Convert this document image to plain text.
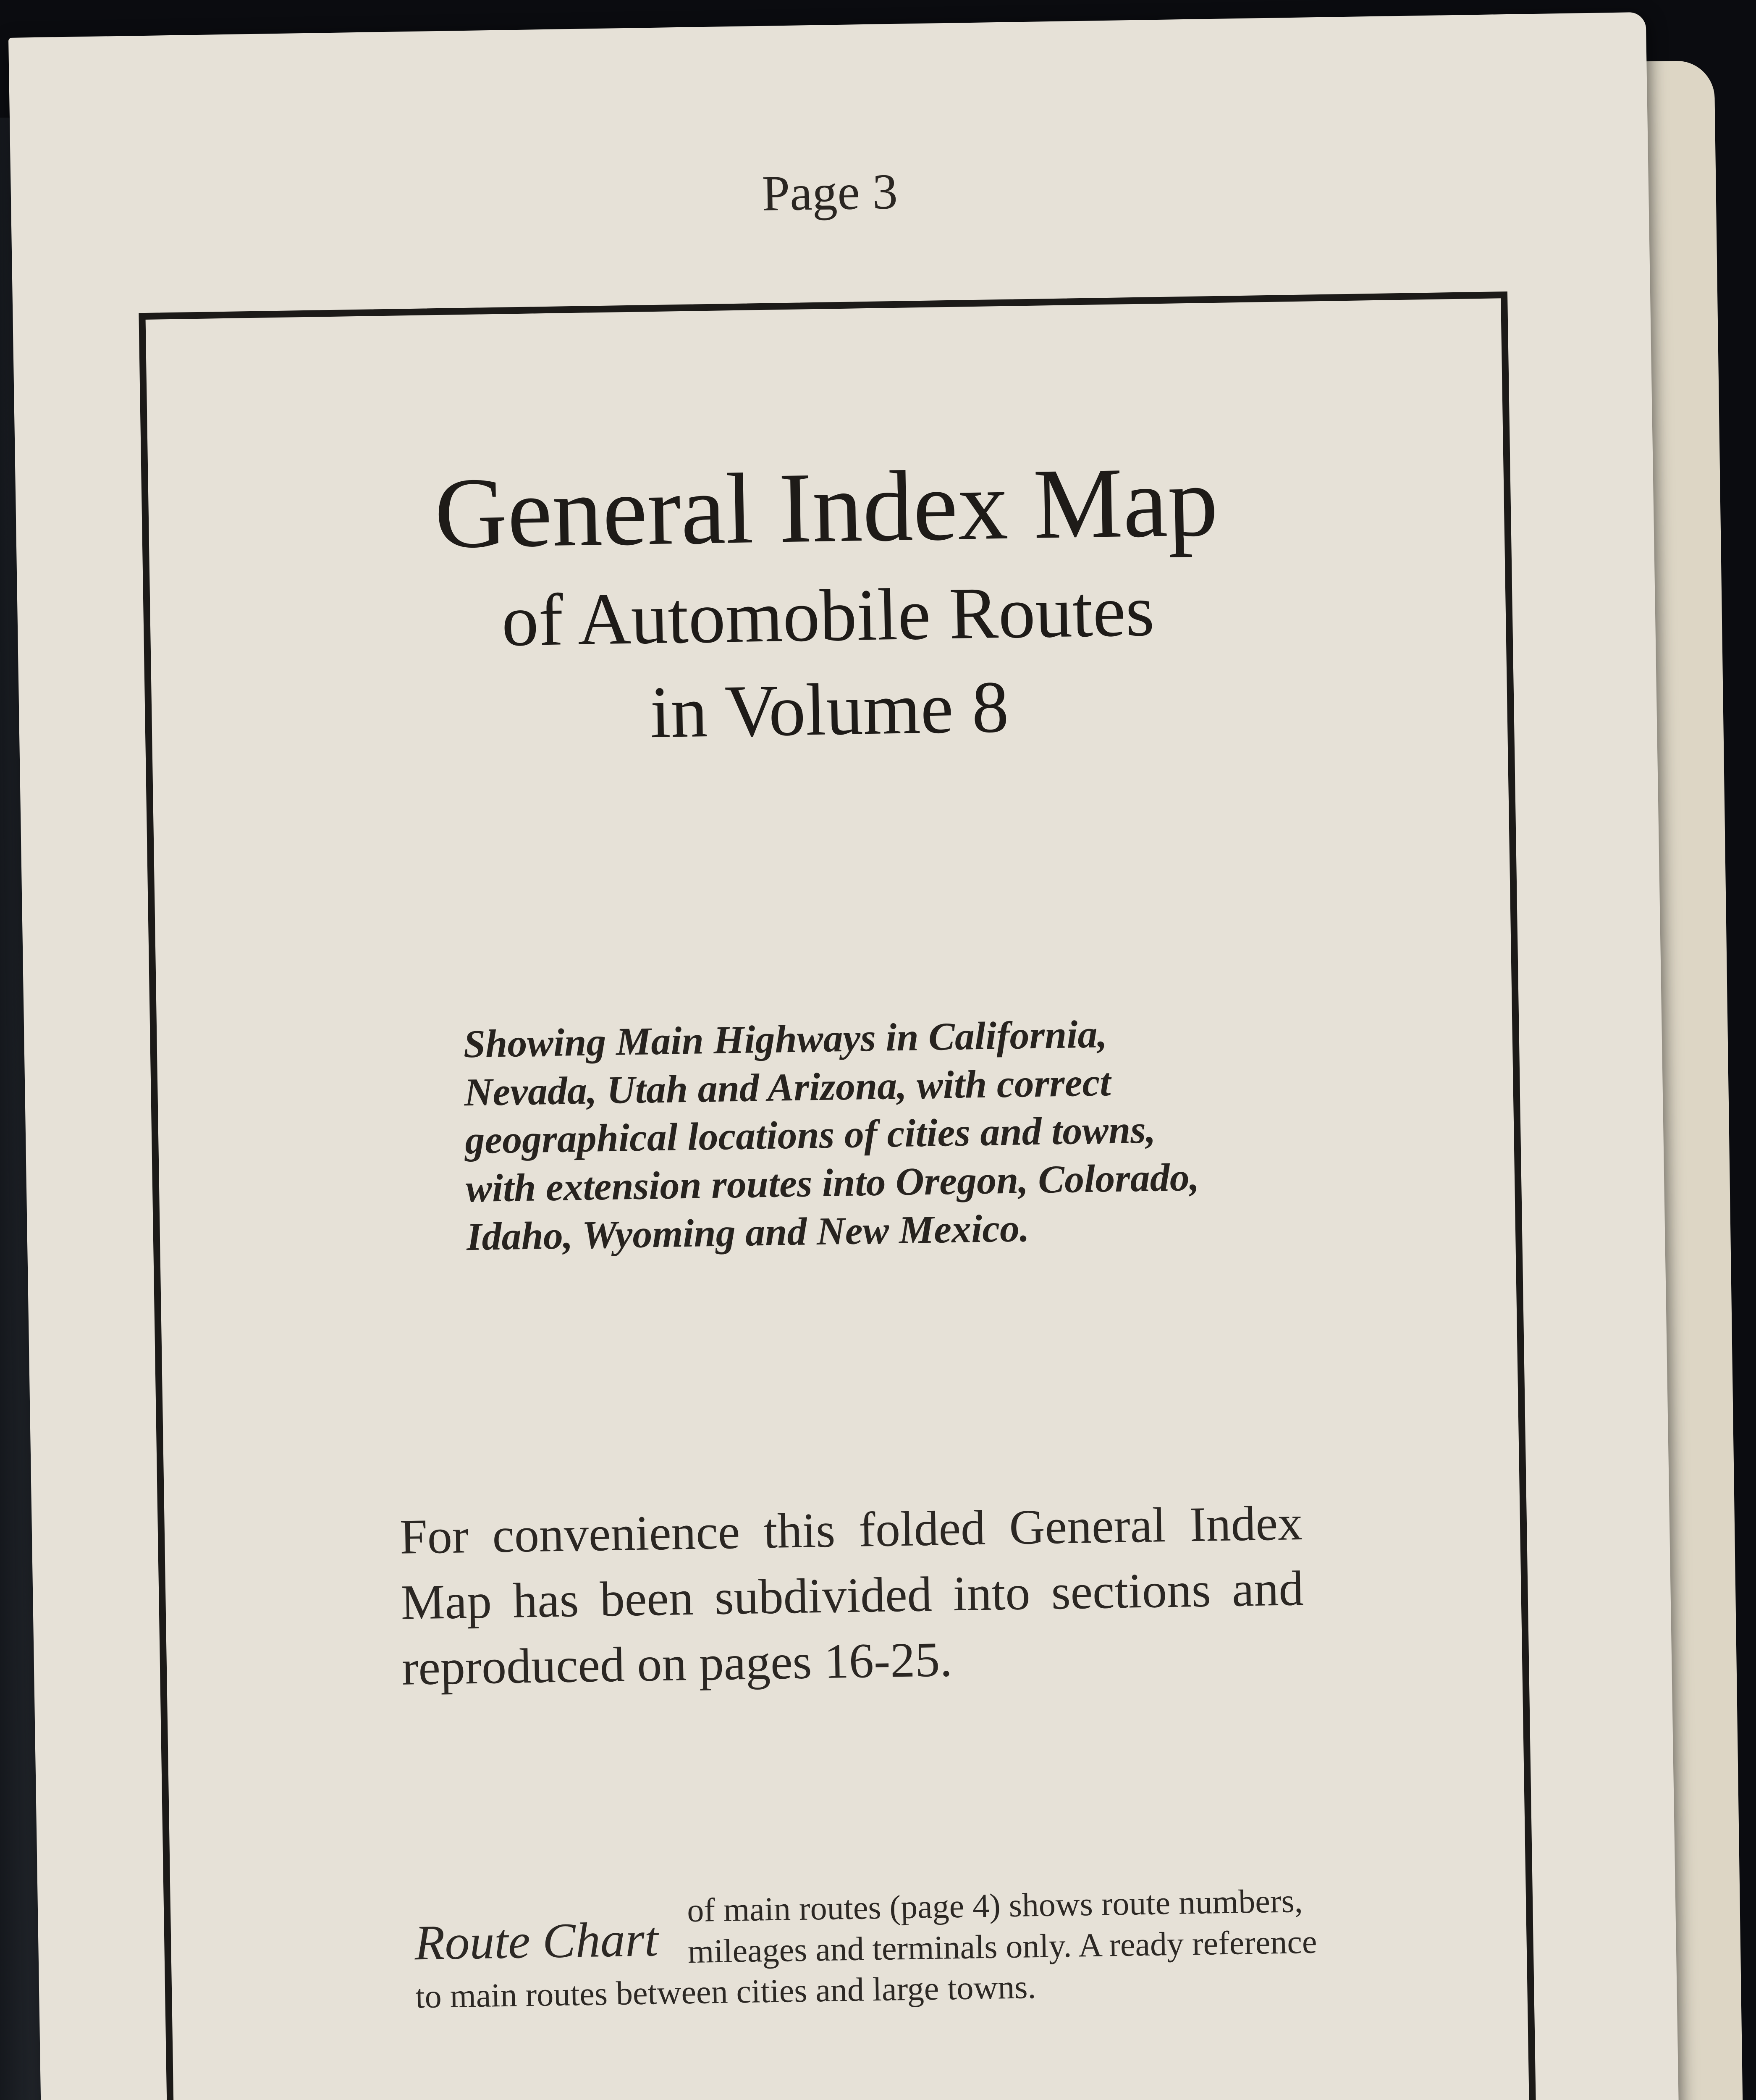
Page 3
General Index Map
of Automobile Routes
in Volume 8
Showing Main Highways in California, Nevada, Utah and Arizona, with correct geographical locations of cities and towns, with extension routes into Oregon, Colorado, Idaho, Wyoming and New Mexico.
For convenience this folded General Index Map has been subdivided into sections and reproduced on pages 16-25.
Route Chart
of main routes (page 4) shows route numbers, mileages and terminals only. A ready reference to main routes between cities and large towns.
